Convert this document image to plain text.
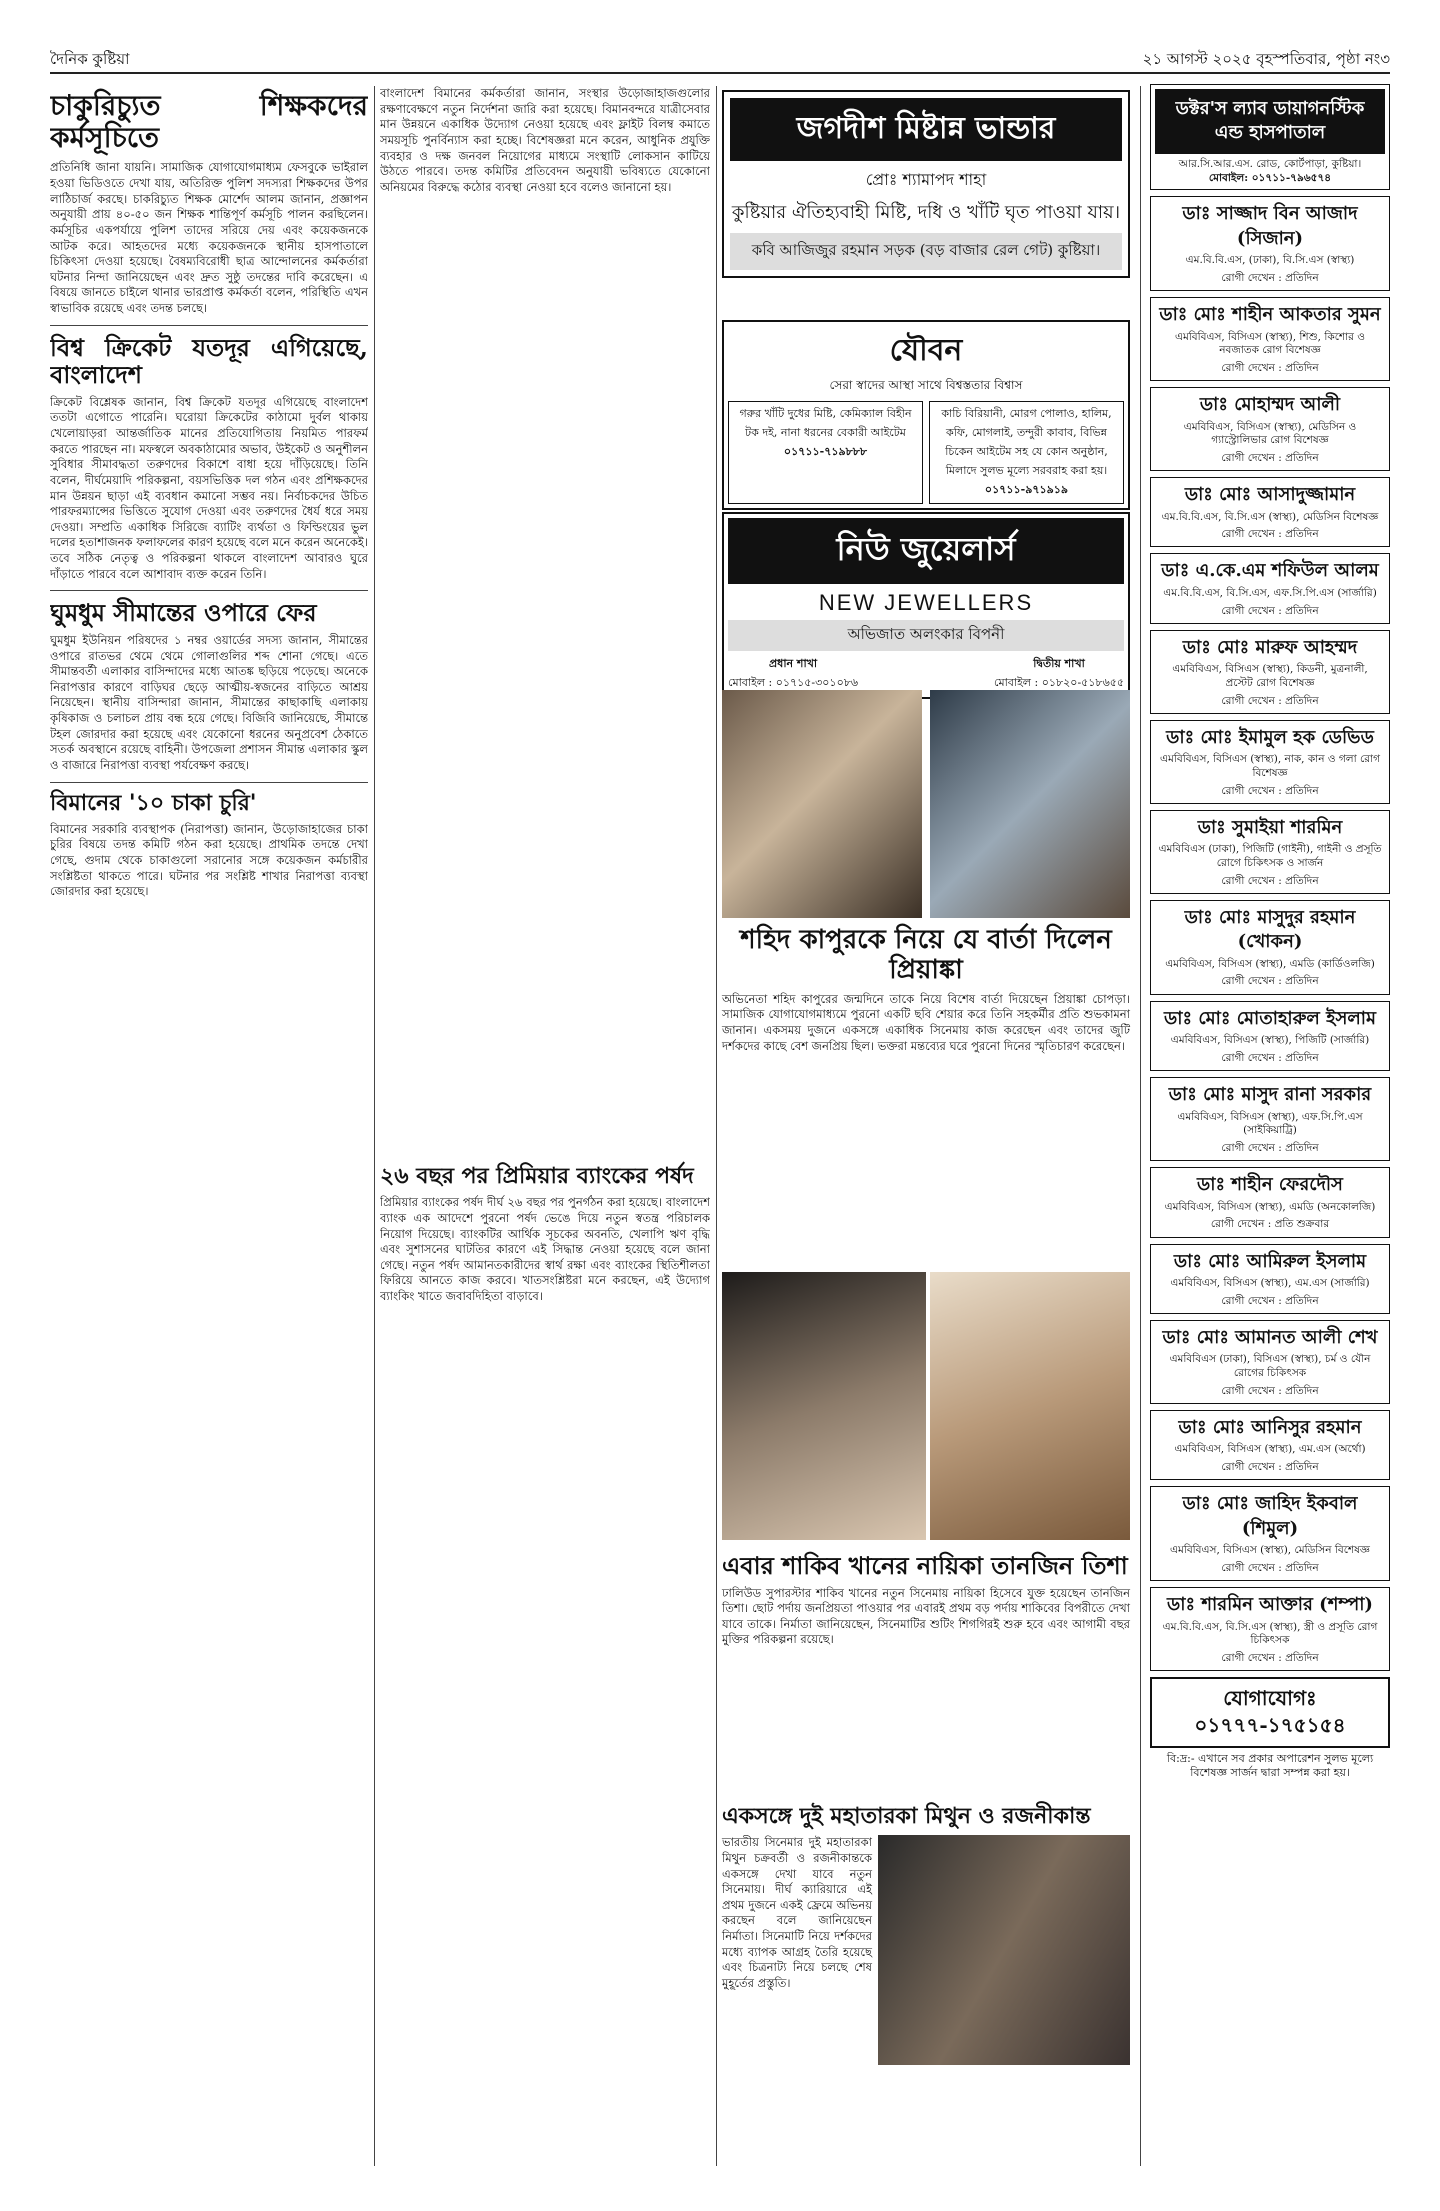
দৈনিক কুষ্টিয়া	২১ আগস্ট ২০২৫ বৃহস্পতিবার, পৃষ্ঠা নং৩
চাকুরিচ্যুত শিক্ষকদের কর্মসূচিতে

প্রতিনিধি জানা যায়নি। সামাজিক যোগাযোগমাধ্যম ফেসবুকে ভাইরাল হওয়া ভিডিওতে দেখা যায়, অতিরিক্ত পুলিশ সদস্যরা শিক্ষকদের উপর লাঠিচার্জ করছে। চাকরিচ্যুত শিক্ষক মোর্শেদ আলম জানান, প্রজ্ঞাপন অনুযায়ী প্রায় ৪০-৫০ জন শিক্ষক শান্তিপূর্ণ কর্মসূচি পালন করছিলেন। কর্মসূচির একপর্যায়ে পুলিশ তাদের সরিয়ে দেয় এবং কয়েকজনকে আটক করে। আহতদের মধ্যে কয়েকজনকে স্থানীয় হাসপাতালে চিকিৎসা দেওয়া হয়েছে। বৈষম্যবিরোধী ছাত্র আন্দোলনের কর্মকর্তারা ঘটনার নিন্দা জানিয়েছেন এবং দ্রুত সুষ্ঠু তদন্তের দাবি করেছেন। এ বিষয়ে জানতে চাইলে থানার ভারপ্রাপ্ত কর্মকর্তা বলেন, পরিস্থিতি এখন স্বাভাবিক রয়েছে এবং তদন্ত চলছে।

বিশ্ব ক্রিকেট যতদূর এগিয়েছে, বাংলাদেশ

ক্রিকেট বিশ্লেষক জানান, বিশ্ব ক্রিকেট যতদূর এগিয়েছে বাংলাদেশ ততটা এগোতে পারেনি। ঘরোয়া ক্রিকেটের কাঠামো দুর্বল থাকায় খেলোয়াড়রা আন্তর্জাতিক মানের প্রতিযোগিতায় নিয়মিত পারফর্ম করতে পারছেন না। মফস্বলে অবকাঠামোর অভাব, উইকেট ও অনুশীলন সুবিধার সীমাবদ্ধতা তরুণদের বিকাশে বাধা হয়ে দাঁড়িয়েছে। তিনি বলেন, দীর্ঘমেয়াদি পরিকল্পনা, বয়সভিত্তিক দল গঠন এবং প্রশিক্ষকদের মান উন্নয়ন ছাড়া এই ব্যবধান কমানো সম্ভব নয়। নির্বাচকদের উচিত পারফরম্যান্সের ভিত্তিতে সুযোগ দেওয়া এবং তরুণদের ধৈর্য ধরে সময় দেওয়া। সম্প্রতি একাধিক সিরিজে ব্যাটিং ব্যর্থতা ও ফিল্ডিংয়ের ভুল দলের হতাশাজনক ফলাফলের কারণ হয়েছে বলে মনে করেন অনেকেই। তবে সঠিক নেতৃত্ব ও পরিকল্পনা থাকলে বাংলাদেশ আবারও ঘুরে দাঁড়াতে পারবে বলে আশাবাদ ব্যক্ত করেন তিনি।

ঘুমধুম সীমান্তের ওপারে ফের

ঘুমধুম ইউনিয়ন পরিষদের ১ নম্বর ওয়ার্ডের সদস্য জানান, সীমান্তের ওপারে রাতভর থেমে থেমে গোলাগুলির শব্দ শোনা গেছে। এতে সীমান্তবর্তী এলাকার বাসিন্দাদের মধ্যে আতঙ্ক ছড়িয়ে পড়েছে। অনেকে নিরাপত্তার কারণে বাড়িঘর ছেড়ে আত্মীয়-স্বজনের বাড়িতে আশ্রয় নিয়েছেন। স্থানীয় বাসিন্দারা জানান, সীমান্তের কাছাকাছি এলাকায় কৃষিকাজ ও চলাচল প্রায় বন্ধ হয়ে গেছে। বিজিবি জানিয়েছে, সীমান্তে টহল জোরদার করা হয়েছে এবং যেকোনো ধরনের অনুপ্রবেশ ঠেকাতে সতর্ক অবস্থানে রয়েছে বাহিনী। উপজেলা প্রশাসন সীমান্ত এলাকার স্কুল ও বাজারে নিরাপত্তা ব্যবস্থা পর্যবেক্ষণ করছে।

বিমানের '১০ চাকা চুরি'

বিমানের সরকারি ব্যবস্থাপক (নিরাপত্তা) জানান, উড়োজাহাজের চাকা চুরির বিষয়ে তদন্ত কমিটি গঠন করা হয়েছে। প্রাথমিক তদন্তে দেখা গেছে, গুদাম থেকে চাকাগুলো সরানোর সঙ্গে কয়েকজন কর্মচারীর সংশ্লিষ্টতা থাকতে পারে। ঘটনার পর সংশ্লিষ্ট শাখার নিরাপত্তা ব্যবস্থা জোরদার করা হয়েছে।

বাংলাদেশ বিমানের কর্মকর্তারা জানান, সংস্থার উড়োজাহাজগুলোর রক্ষণাবেক্ষণে নতুন নির্দেশনা জারি করা হয়েছে। বিমানবন্দরে যাত্রীসেবার মান উন্নয়নে একাধিক উদ্যোগ নেওয়া হয়েছে এবং ফ্লাইট বিলম্ব কমাতে সময়সূচি পুনর্বিন্যাস করা হচ্ছে। বিশেষজ্ঞরা মনে করেন, আধুনিক প্রযুক্তি ব্যবহার ও দক্ষ জনবল নিয়োগের মাধ্যমে সংস্থাটি লোকসান কাটিয়ে উঠতে পারবে। তদন্ত কমিটির প্রতিবেদন অনুযায়ী ভবিষ্যতে যেকোনো অনিয়মের বিরুদ্ধে কঠোর ব্যবস্থা নেওয়া হবে বলেও জানানো হয়।

২৬ বছর পর প্রিমিয়ার ব্যাংকের পর্ষদ

প্রিমিয়ার ব্যাংকের পর্ষদ দীর্ঘ ২৬ বছর পর পুনর্গঠন করা হয়েছে। বাংলাদেশ ব্যাংক এক আদেশে পুরনো পর্ষদ ভেঙে দিয়ে নতুন স্বতন্ত্র পরিচালক নিয়োগ দিয়েছে। ব্যাংকটির আর্থিক সূচকের অবনতি, খেলাপি ঋণ বৃদ্ধি এবং সুশাসনের ঘাটতির কারণে এই সিদ্ধান্ত নেওয়া হয়েছে বলে জানা গেছে। নতুন পর্ষদ আমানতকারীদের স্বার্থ রক্ষা এবং ব্যাংকের স্থিতিশীলতা ফিরিয়ে আনতে কাজ করবে। খাতসংশ্লিষ্টরা মনে করছেন, এই উদ্যোগ ব্যাংকিং খাতে জবাবদিহিতা বাড়াবে।

জগদীশ মিষ্টান্ন ভান্ডার
প্রোঃ শ্যামাপদ শাহা
কুষ্টিয়ার ঐতিহ্যবাহী মিষ্টি, দধি ও খাঁটি ঘৃত পাওয়া যায়।
কবি আজিজুর রহমান সড়ক (বড় বাজার রেল গেট) কুষ্টিয়া।
যৌবন
সেরা স্বাদের আস্থা সাথে বিশ্বস্ততার বিশ্বাস
গরুর খাঁটি দুধের মিষ্টি, কেমিক্যাল বিহীন টক দই, নানা ধরনের বেকারী আইটেম
০১৭১১-৭১৯৮৮৮
কাচি বিরিয়ানী, মোরগ পোলাও, হালিম, কফি, মোগলাই, তন্দুরী কাবাব, বিভিন্ন চিকেন আইটেম সহ যে কোন অনুষ্ঠান, মিলাদে সুলভ মূল্যে সরবরাহ করা হয়।
০১৭১১-৯৭১৯১৯
নিউ জুয়েলার্স
NEW JEWELLERS
অভিজাত অলংকার বিপনী
প্রধান শাখা
মোবাইল : ০১৭১৫-৩০১০৮৬
দ্বিতীয় শাখা
মোবাইল : ০১৮২০-৫১৮৬৫৫
শহিদ কাপুরকে নিয়ে যে বার্তা দিলেন প্রিয়াঙ্কা
অভিনেতা শহিদ কাপুরের জন্মদিনে তাকে নিয়ে বিশেষ বার্তা দিয়েছেন প্রিয়াঙ্কা চোপড়া। সামাজিক যোগাযোগমাধ্যমে পুরনো একটি ছবি শেয়ার করে তিনি সহকর্মীর প্রতি শুভকামনা জানান। একসময় দুজনে একসঙ্গে একাধিক সিনেমায় কাজ করেছেন এবং তাদের জুটি দর্শকদের কাছে বেশ জনপ্রিয় ছিল। ভক্তরা মন্তব্যের ঘরে পুরনো দিনের স্মৃতিচারণ করেছেন।
এবার শাকিব খানের নায়িকা তানজিন তিশা
ঢালিউড সুপারস্টার শাকিব খানের নতুন সিনেমায় নায়িকা হিসেবে যুক্ত হয়েছেন তানজিন তিশা। ছোট পর্দায় জনপ্রিয়তা পাওয়ার পর এবারই প্রথম বড় পর্দায় শাকিবের বিপরীতে দেখা যাবে তাকে। নির্মাতা জানিয়েছেন, সিনেমাটির শুটিং শিগগিরই শুরু হবে এবং আগামী বছর মুক্তির পরিকল্পনা রয়েছে।
একসঙ্গে দুই মহাতারকা মিথুন ও রজনীকান্ত
ভারতীয় সিনেমার দুই মহাতারকা মিথুন চক্রবর্তী ও রজনীকান্তকে একসঙ্গে দেখা যাবে নতুন সিনেমায়। দীর্ঘ ক্যারিয়ারে এই প্রথম দুজনে একই ফ্রেমে অভিনয় করছেন বলে জানিয়েছেন নির্মাতা। সিনেমাটি নিয়ে দর্শকদের মধ্যে ব্যাপক আগ্রহ তৈরি হয়েছে এবং চিত্রনাট্য নিয়ে চলছে শেষ মুহূর্তের প্রস্তুতি।
ডক্টর'স ল্যাব ডায়াগনস্টিক এন্ড হাসপাতাল
আর.সি.আর.এস. রোড, কোর্টপাড়া, কুষ্টিয়া।
মোবাইল: ০১৭১১-৭৯৬৫৭৪
ডাঃ সাজ্জাদ বিন আজাদ (সিজান)
এম.বি.বি.এস, (ঢাকা), বি.সি.এস (স্বাস্থ্য)
রোগী দেখেন : প্রতিদিন
ডাঃ মোঃ শাহীন আকতার সুমন
এমবিবিএস, বিসিএস (স্বাস্থ্য), শিশু, কিশোর ও নবজাতক রোগ বিশেষজ্ঞ
রোগী দেখেন : প্রতিদিন
ডাঃ মোহাম্মদ আলী
এমবিবিএস, বিসিএস (স্বাস্থ্য), মেডিসিন ও গ্যাস্ট্রোলিভার রোগ বিশেষজ্ঞ
রোগী দেখেন : প্রতিদিন
ডাঃ মোঃ আসাদুজ্জামান
এম.বি.বি.এস, বি.সি.এস (স্বাস্থ্য), মেডিসিন বিশেষজ্ঞ
রোগী দেখেন : প্রতিদিন
ডাঃ এ.কে.এম শফিউল আলম
এম.বি.বি.এস, বি.সি.এস, এফ.সি.পি.এস (সার্জারি)
রোগী দেখেন : প্রতিদিন
ডাঃ মোঃ মারুফ আহম্মদ
এমবিবিএস, বিসিএস (স্বাস্থ্য), কিডনী, মুত্রনালী, প্রস্টেট রোগ বিশেষজ্ঞ
রোগী দেখেন : প্রতিদিন
ডাঃ মোঃ ইমামুল হক ডেভিড
এমবিবিএস, বিসিএস (স্বাস্থ্য), নাক, কান ও গলা রোগ বিশেষজ্ঞ
রোগী দেখেন : প্রতিদিন
ডাঃ সুমাইয়া শারমিন
এমবিবিএস (ঢাকা), পিজিটি (গাইনী), গাইনী ও প্রসূতি রোগে চিকিৎসক ও সার্জন
রোগী দেখেন : প্রতিদিন
ডাঃ মোঃ মাসুদুর রহমান (খোকন)
এমবিবিএস, বিসিএস (স্বাস্থ্য), এমডি (কার্ডিওলজি)
রোগী দেখেন : প্রতিদিন
ডাঃ মোঃ মোতাহারুল ইসলাম
এমবিবিএস, বিসিএস (স্বাস্থ্য), পিজিটি (সার্জারি)
রোগী দেখেন : প্রতিদিন
ডাঃ মোঃ মাসুদ রানা সরকার
এমবিবিএস, বিসিএস (স্বাস্থ্য), এফ.সি.পি.এস (সাইকিয়াট্রি)
রোগী দেখেন : প্রতিদিন
ডাঃ শাহীন ফেরদৌস
এমবিবিএস, বিসিএস (স্বাস্থ্য), এমডি (অনকোলজি)
রোগী দেখেন : প্রতি শুক্রবার
ডাঃ মোঃ আমিরুল ইসলাম
এমবিবিএস, বিসিএস (স্বাস্থ্য), এম.এস (সার্জারি)
রোগী দেখেন : প্রতিদিন
ডাঃ মোঃ আমানত আলী শেখ
এমবিবিএস (ঢাকা), বিসিএস (স্বাস্থ্য), চর্ম ও যৌন রোগের চিকিৎসক
রোগী দেখেন : প্রতিদিন
ডাঃ মোঃ আনিসুর রহমান
এমবিবিএস, বিসিএস (স্বাস্থ্য), এম.এস (অর্থো)
রোগী দেখেন : প্রতিদিন
ডাঃ মোঃ জাহিদ ইকবাল (শিমুল)
এমবিবিএস, বিসিএস (স্বাস্থ্য), মেডিসিন বিশেষজ্ঞ
রোগী দেখেন : প্রতিদিন
ডাঃ শারমিন আক্তার (শম্পা)
এম.বি.বি.এস, বি.সি.এস (স্বাস্থ্য), স্ত্রী ও প্রসূতি রোগ চিকিৎসক
রোগী দেখেন : প্রতিদিন
যোগাযোগঃ ০১৭৭৭-১৭৫১৫৪
বি:দ্র:- এখানে সব প্রকার অপারেশন সুলভ মূল্যে বিশেষজ্ঞ সার্জন দ্বারা সম্পন্ন করা হয়।
